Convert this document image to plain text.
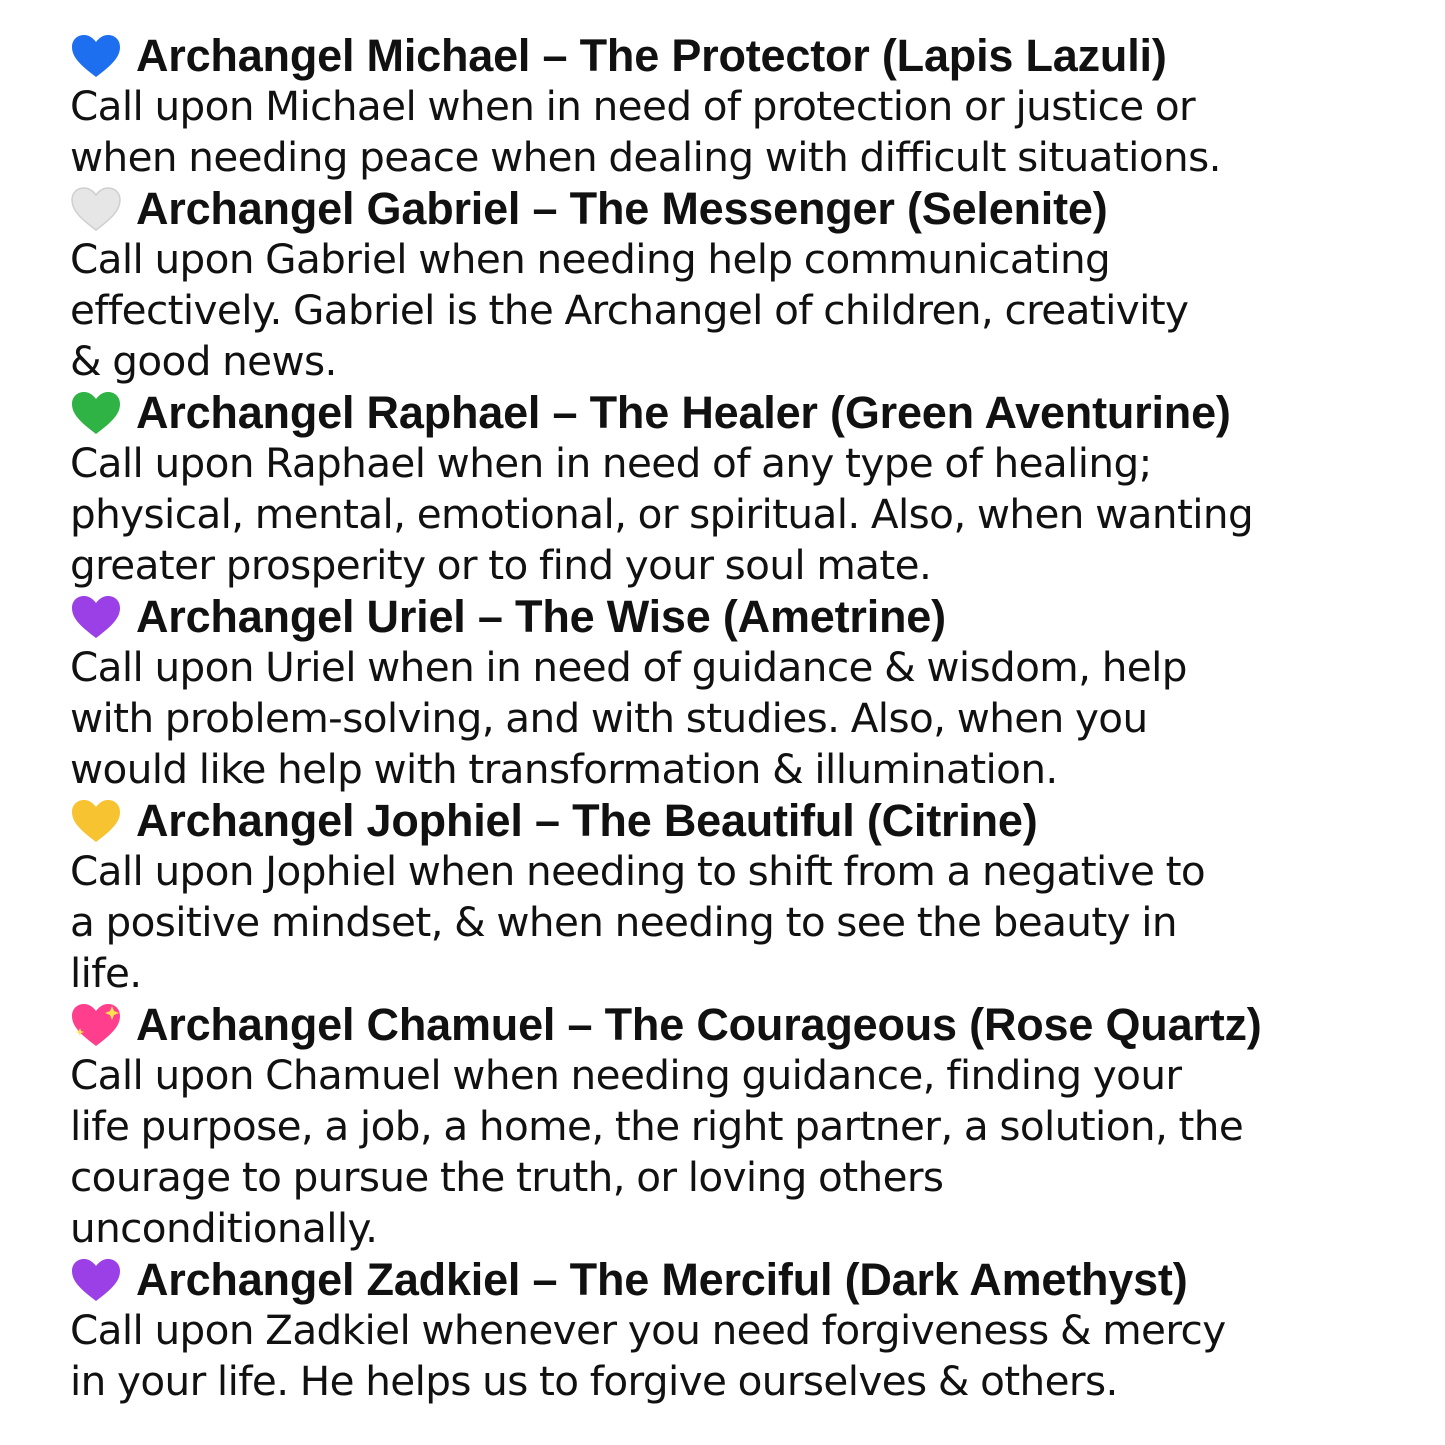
Archangel Michael – The Protector (Lapis Lazuli)
Call upon Michael when in need of protection or justice or
when needing peace when dealing with difficult situations.
Archangel Gabriel – The Messenger (Selenite)
Call upon Gabriel when needing help communicating
effectively. Gabriel is the Archangel of children, creativity
& good news.
Archangel Raphael – The Healer (Green Aventurine)
Call upon Raphael when in need of any type of healing;
physical, mental, emotional, or spiritual. Also, when wanting
greater prosperity or to find your soul mate.
Archangel Uriel – The Wise (Ametrine)
Call upon Uriel when in need of guidance & wisdom, help
with problem-solving, and with studies. Also, when you
would like help with transformation & illumination.
Archangel Jophiel – The Beautiful (Citrine)
Call upon Jophiel when needing to shift from a negative to
a positive mindset, & when needing to see the beauty in
life.
Archangel Chamuel – The Courageous (Rose Quartz)
Call upon Chamuel when needing guidance, finding your
life purpose, a job, a home, the right partner, a solution, the
courage to pursue the truth, or loving others
unconditionally.
Archangel Zadkiel – The Merciful (Dark Amethyst)
Call upon Zadkiel whenever you need forgiveness & mercy
in your life. He helps us to forgive ourselves & others.
